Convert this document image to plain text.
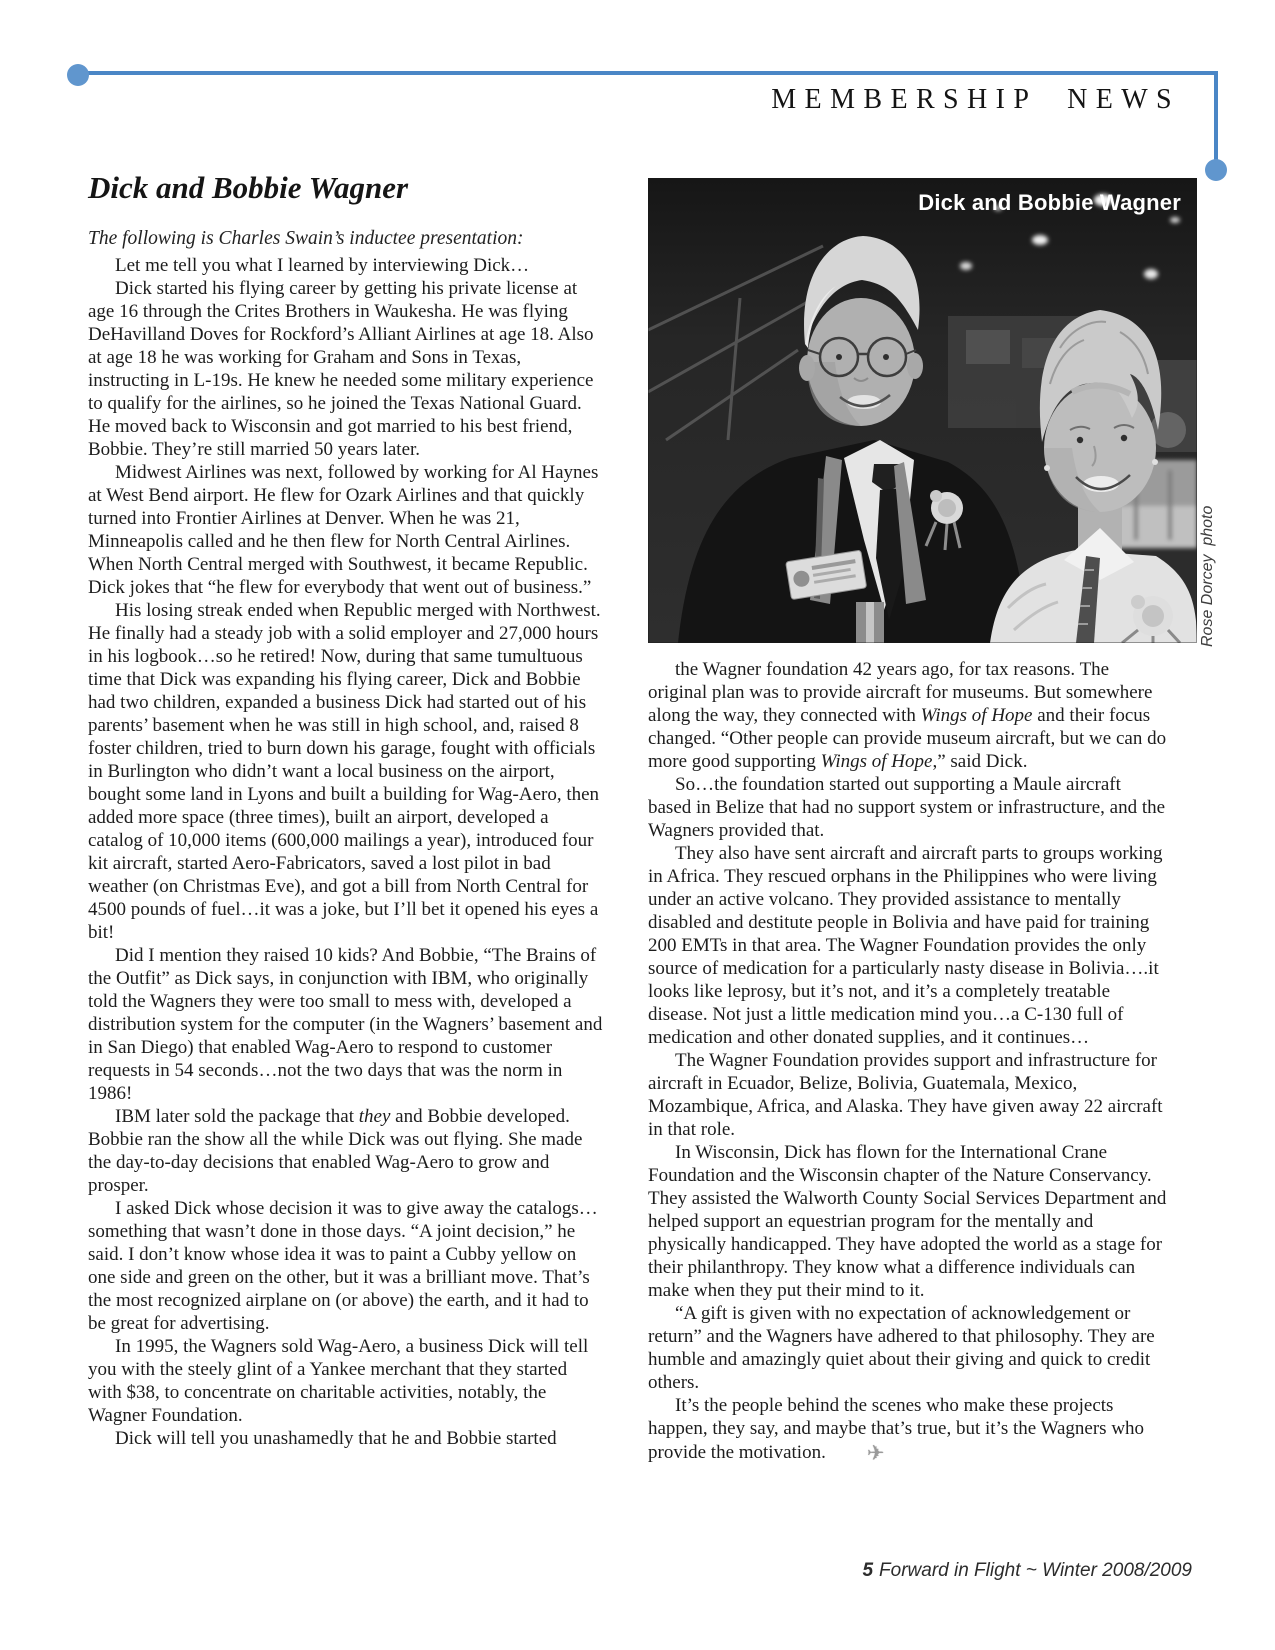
MEMBERSHIP NEWS
Dick and Bobbie Wagner

The following is Charles Swain’s inductee presentation:

Let me tell you what I learned by interviewing Dick…

Dick started his flying career by getting his private license at age 16 through the Crites Brothers in Waukesha. He was flying DeHavilland Doves for Rockford’s Alliant Airlines at age 18. Also at age 18 he was working for Graham and Sons in Texas, instructing in L-19s. He knew he needed some military experience to qualify for the airlines, so he joined the Texas National Guard. He moved back to Wisconsin and got married to his best friend, Bobbie. They’re still married 50 years later.

Midwest Airlines was next, followed by working for Al Haynes at West Bend airport. He flew for Ozark Airlines and that quickly turned into Frontier Airlines at Denver. When he was 21, Minneapolis called and he then flew for North Central Airlines. When North Central merged with Southwest, it became Republic. Dick jokes that “he flew for everybody that went out of business.”

His losing streak ended when Republic merged with Northwest. He finally had a steady job with a solid employer and 27,000 hours in his logbook…so he retired! Now, during that same tumultuous time that Dick was expanding his flying career, Dick and Bobbie had two children, expanded a business Dick had started out of his parents’ basement when he was still in high school, and, raised 8 foster children, tried to burn down his garage, fought with officials in Burlington who didn’t want a local business on the airport, bought some land in Lyons and built a building for Wag-Aero, then added more space (three times), built an airport, developed a catalog of 10,000 items (600,000 mailings a year), introduced four kit aircraft, started Aero-Fabricators, saved a lost pilot in bad weather (on Christmas Eve), and got a bill from North Central for 4500 pounds of fuel…it was a joke, but I’ll bet it opened his eyes a bit!

Did I mention they raised 10 kids? And Bobbie, “The Brains of the Outfit” as Dick says, in conjunction with IBM, who originally told the Wagners they were too small to mess with, developed a distribution system for the computer (in the Wagners’ basement and in San Diego) that enabled Wag-Aero to respond to customer requests in 54 seconds…not the two days that was the norm in 1986!

IBM later sold the package that they and Bobbie developed. Bobbie ran the show all the while Dick was out flying. She made the day-to-day decisions that enabled Wag-Aero to grow and prosper.

I asked Dick whose decision it was to give away the catalogs…something that wasn’t done in those days. “A joint decision,” he said. I don’t know whose idea it was to paint a Cubby yellow on one side and green on the other, but it was a brilliant move. That’s the most recognized airplane on (or above) the earth, and it had to be great for advertising.

In 1995, the Wagners sold Wag-Aero, a business Dick will tell you with the steely glint of a Yankee merchant that they started with $38, to concentrate on charitable activities, notably, the Wagner Foundation.

Dick will tell you unashamedly that he and Bobbie started

the Wagner foundation 42 years ago, for tax reasons. The original plan was to provide aircraft for museums. But somewhere along the way, they connected with Wings of Hope and their focus changed. “Other people can provide museum aircraft, but we can do more good supporting Wings of Hope,” said Dick.

So…the foundation started out supporting a Maule aircraft based in Belize that had no support system or infrastructure, and the Wagners provided that.

They also have sent aircraft and aircraft parts to groups working in Africa. They rescued orphans in the Philippines who were living under an active volcano. They provided assistance to mentally disabled and destitute people in Bolivia and have paid for training 200 EMTs in that area. The Wagner Foundation provides the only source of medication for a particularly nasty disease in Bolivia….it looks like leprosy, but it’s not, and it’s a completely treatable disease. Not just a little medication mind you…a C-130 full of medication and other donated supplies, and it continues…

The Wagner Foundation provides support and infrastructure for aircraft in Ecuador, Belize, Bolivia, Guatemala, Mexico, Mozambique, Africa, and Alaska. They have given away 22 aircraft in that role.

In Wisconsin, Dick has flown for the International Crane Foundation and the Wisconsin chapter of the Nature Conservancy. They assisted the Walworth County Social Services Department and helped support an equestrian program for the mentally and physically handicapped. They have adopted the world as a stage for their philanthropy. They know what a difference individuals can make when they put their mind to it.

“A gift is given with no expectation of acknowledgement or return” and the Wagners have adhered to that philosophy. They are humble and amazingly quiet about their giving and quick to credit others.

It’s the people behind the scenes who make these projects happen, they say, and maybe that’s true, but it’s the Wagners who provide the motivation. ✈

Dick and Bobbie Wagner
Rose Dorcey  photo
5 Forward in Flight ~ Winter 2008/2009
